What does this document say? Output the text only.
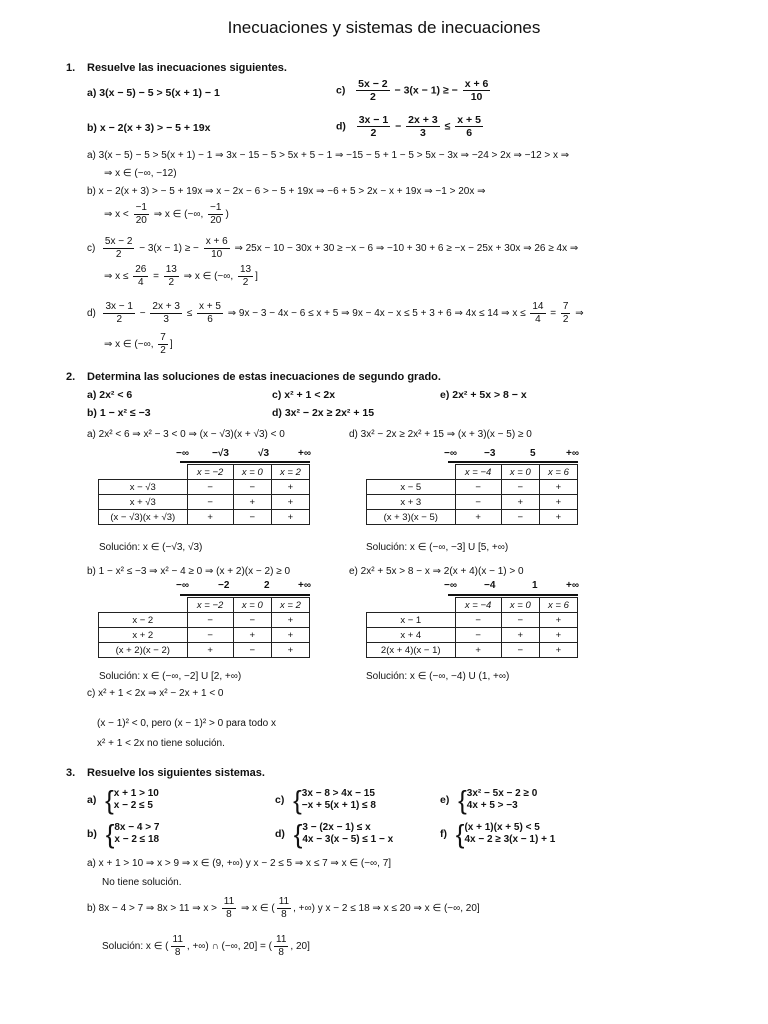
Inecuaciones y sistemas de inecuaciones
1. Resuelve las inecuaciones siguientes.
a) 3(x − 5) − 5 > 5(x + 1) − 1
b) x − 2(x + 3) > − 5 + 19x
$c) \frac{5x - 2}{2} - 3(x - 1)$ ≥ − $\frac{x + 6}{10}$
$d) \frac{3x - 1}{2} - \frac{2x + 3}{3} \le \frac{x + 5}{6}$
a) 3(x − 5) − 5 > 5(x + 1) − 1 ⇒ 3x − 15 − 5 > 5x + 5 − 1 ⇒ −15 − 5 + 1 − 5 > 5x − 3x ⇒ −24 > 2x ⇒ −12 > x ⇒
⇒ x ∈ (−∞, −12)
b) x − 2(x + 3) > − 5 + 19x ⇒ x − 2x − 6 > − 5 + 19x ⇒ −6 + 5 > 2x − x + 19x ⇒ −1 > 20x ⇒
⇒ $x < \frac{-1}{20}$ ⇒ x ∈ (−∞, $\frac{-1}{20}$ )
$c) \frac{5x - 2}{2} - 3(x - 1)$ ≥ − $\frac{x + 6}{10}$ ⇒ 25x − 10 − 30x + 30 ≥ −x − 6 ⇒ −10 + 30 + 6 ≥ −x − 25x + 30x ⇒ 26 ≥ 4x ⇒
⇒ $x \le \frac{26}{4} = \frac{13}{2}$ ⇒ x ∈ (−∞, $\frac{13}{2}$ ]
$d) \frac{3x - 1}{2} - \frac{2x + 3}{3} \le \frac{x + 5}{6}$ ⇒ 9x − 3 − 4x − 6 ≤ x + 5 ⇒ 9x − 4x − x ≤ 5 + 3 + 6 ⇒ 4x ≤ 14 ⇒ $x \le \frac{14}{4} = \frac{7}{2}$ ⇒
⇒ x ∈ (−∞, $\frac{7}{2}$ ]
2. Determina las soluciones de estas inecuaciones de segundo grado.
a) 2x² < 6
b) 1 − x² ≤ −3
c) x² + 1 < 2x
d) 3x² − 2x ≥ 2x² + 15
e) 2x² + 5x > 8 − x
a) 2x² < 6 ⇒ x² − 3 < 0 ⇒ (x − √3)(x + √3) < 0
−∞ −√3	√3	+∞
	x = −2	x = 0	x = 2
x − √3	−	−	+
x + √3	−	+	+
(x − √3)(x + √3)	+	−	+
Solución: x ∈ (−√3, √3)
d) 3x² − 2x ≥ 2x² + 15 ⇒ (x + 3)(x − 5) ≥ 0
−∞	−3	5	+∞
	x = −4	x = 0	x = 6
x − 5	−	−	+
x + 3	−	+	+
(x + 3)(x − 5)	+	−	+
Solución: x ∈ (−∞, −3] U [5, +∞)
b) 1 − x² ≤ −3 ⇒ x² − 4 ≥ 0 ⇒ (x + 2)(x − 2) ≥ 0
−∞	−2	2	+∞
	x = −2	x = 0	x = 2
x − 2	−	−	+
x + 2	−	+	+
(x + 2)(x − 2)	+	−	+
Solución: x ∈ (−∞, −2] U [2, +∞)
e) 2x² + 5x > 8 − x ⇒ 2(x + 4)(x − 1) > 0
−∞	−4	1	+∞
	x = −4	x = 0	x = 6
x − 1	−	−	+
x + 4	−	+	+
2(x + 4)(x − 1)	+	−	+
Solución: x ∈ (−∞, −4) U (1, +∞)
c) x² + 1 < 2x ⇒ x² − 2x + 1 < 0
(x − 1)² < 0, pero (x − 1)² > 0 para todo x
x² + 1 < 2x no tiene solución.
3. Resuelve los siguientes sistemas.
a) {x + 1 > 10
x − 2 ≤ 5
b) {8x − 4 > 7
x − 2 ≤ 18
c) {3x − 8 > 4x − 15
−x + 5(x + 1) ≤ 8
d) {3 − (2x − 1) ≤ x
4x − 3(x − 5) ≤ 1 − x
e) {3x² − 5x − 2 ≥ 0
4x + 5 > −3
f) {(x + 1)(x + 5) < 5
4x − 2 ≥ 3(x − 1) + 1
a) x + 1 > 10 ⇒ x > 9 ⇒ x ∈ (9, +∞) y x − 2 ≤ 5 ⇒ x ≤ 7 ⇒ x ∈ (−∞, 7]
No tiene solución.
b) 8x − 4 > 7 ⇒ 8x > 11 ⇒ $x > \frac{11}{8}$ ⇒ x ∈ ( $\frac{11}{8}$ , +∞) y x − 2 ≤ 18 ⇒ x ≤ 20 ⇒ x ∈ (−∞, 20]
Solución: x ∈ ( $\frac{11}{8}$ , +∞) ∩ (−∞, 20] = ( $\frac{11}{8}$ , 20]
